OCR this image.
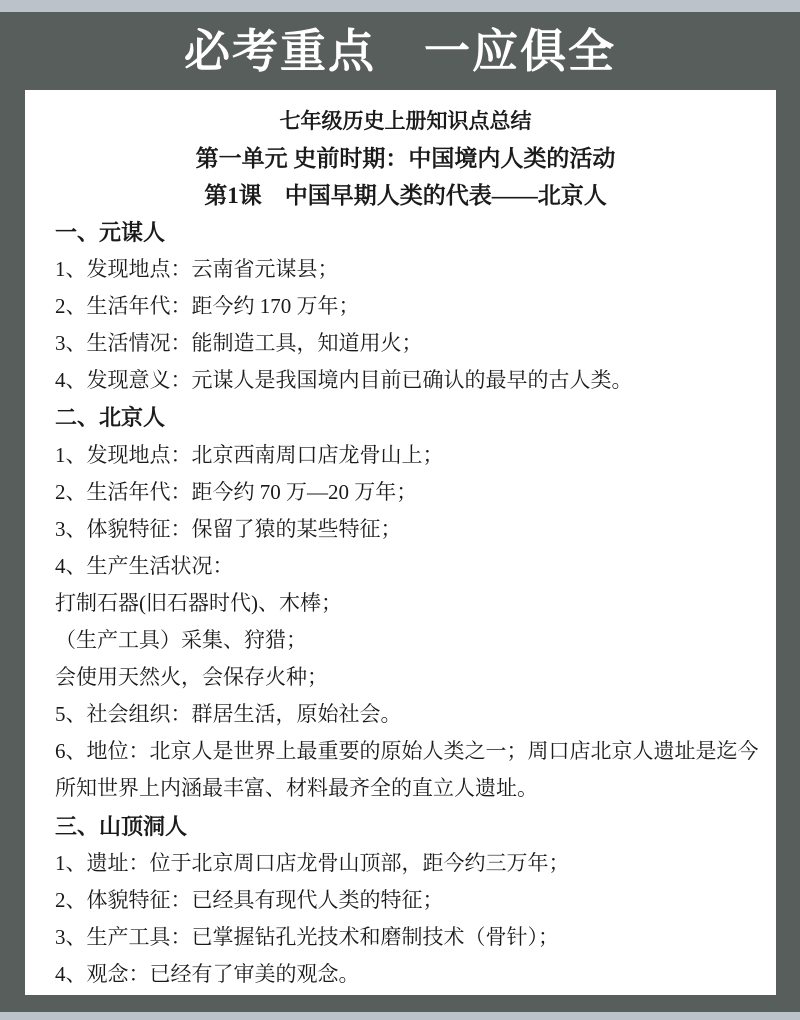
必考重点　一应俱全
七年级历史上册知识点总结
第一单元 史前时期：中国境内人类的活动
第1课　中国早期人类的代表——北京人
一、元谋人
1、发现地点：云南省元谋县；
2、生活年代：距今约 170 万年；
3、生活情况：能制造工具，知道用火；
4、发现意义：元谋人是我国境内目前已确认的最早的古人类。
二、北京人
1、发现地点：北京西南周口店龙骨山上；
2、生活年代：距今约 70 万—20 万年；
3、体貌特征：保留了猿的某些特征；
4、生产生活状况：
打制石器(旧石器时代)、木棒；
（生产工具）采集、狩猎；
会使用天然火，会保存火种；
5、社会组织：群居生活，原始社会。
6、地位：北京人是世界上最重要的原始人类之一；周口店北京人遗址是迄今
所知世界上内涵最丰富、材料最齐全的直立人遗址。
三、山顶洞人
1、遗址：位于北京周口店龙骨山顶部，距今约三万年；
2、体貌特征：已经具有现代人类的特征；
3、生产工具：已掌握钻孔光技术和磨制技术（骨针）；
4、观念：已经有了审美的观念。
